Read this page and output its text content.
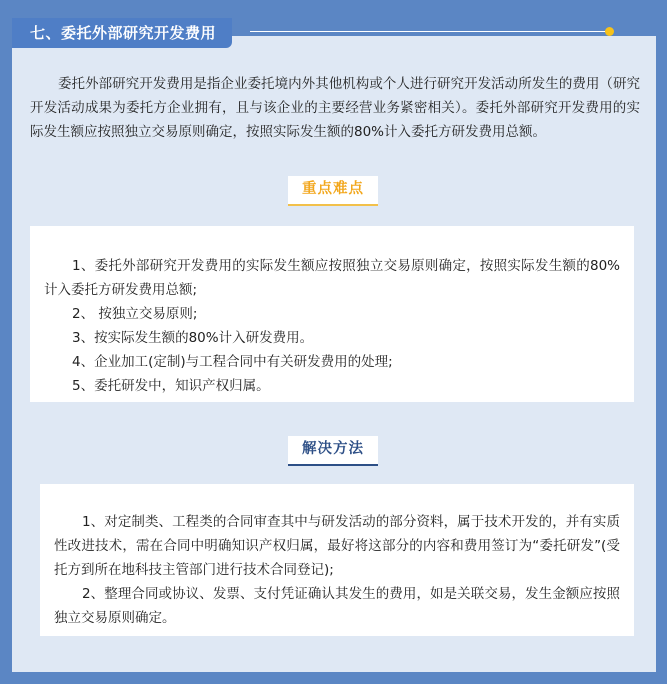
七、委托外部研究开发费用

委托外部研究开发费用是指企业委托境内外其他机构或个人进行研究开发活动所发生的费用（研究开发活动成果为委托方企业拥有，且与该企业的主要经营业务紧密相关）。委托外部研究开发费用的实际发生额应按照独立交易原则确定，按照实际发生额的80%计入委托方研发费用总额。

重点难点
1、委托外部研究开发费用的实际发生额应按照独立交易原则确定，按照实际发生额的80%计入委托方研发费用总额;
2、 按独立交易原则;
3、按实际发生额的80%计入研发费用。
4、企业加工(定制)与工程合同中有关研发费用的处理;
5、委托研发中，知识产权归属。
解决方法
1、对定制类、工程类的合同审查其中与研发活动的部分资料，属于技术开发的，并有实质性改进技术，需在合同中明确知识产权归属，最好将这部分的内容和费用签订为“委托研发”(受托方到所在地科技主管部门进行技术合同登记);
2、整理合同或协议、发票、支付凭证确认其发生的费用，如是关联交易，发生金额应按照独立交易原则确定。
